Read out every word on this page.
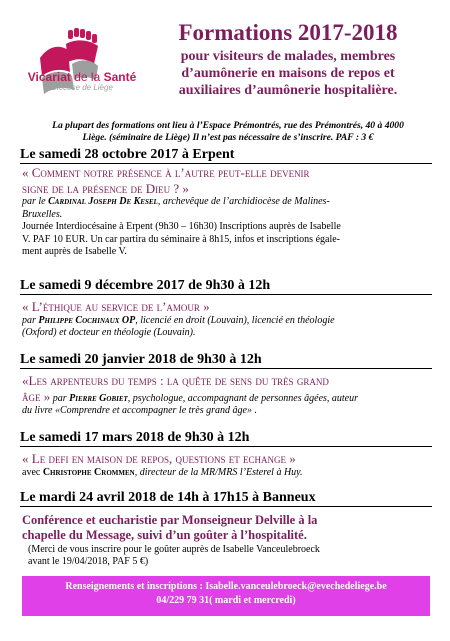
Vicariat de la Santé
Diocèse de Liège
Formations 2017-2018
pour visiteurs de malades, membres
d’aumônerie en maisons de repos et
auxiliaires d’aumônerie hospitalière.
La plupart des formations ont lieu à l’Espace Prémontrés, rue des Prémontrés, 40 à 4000
Liège. (séminaire de Liège) Il n’est pas nécessaire de s’inscrire. PAF : 3 €
Le samedi 28 octobre 2017 à Erpent
« Comment notre présence à l’autre peut-elle devenir
signe de la présence de Dieu ? »
par le Cardinal Joseph De Kesel, archevêque de l’archidiocèse de Malines-
Bruxelles.
Journée Interdiocésaine à Erpent (9h30 – 16h30) Inscriptions auprès de Isabelle
V. PAF 10 EUR. Un car partira du séminaire à 8h15, infos et inscriptions égale-
ment auprès de Isabelle V.
Le samedi 9 décembre 2017 de 9h30 à 12h
« L’éthique au service de l’amour »
par Philippe Cochinaux OP, licencié en droit (Louvain), licencié en théologie
(Oxford) et docteur en théologie (Louvain).
Le samedi 20 janvier 2018 de 9h30 à 12h
«Les arpenteurs du temps : la quête de sens du très grand
âge » par Pierre Gobiet, psychologue, accompagnant de personnes âgées, auteur
du livre «Comprendre et accompagner le très grand âge» .
Le samedi 17 mars 2018 de 9h30 à 12h
« Le defi en maison de repos, questions et echange »
avec Christophe Crommen, directeur de la MR/MRS l’Esterel à Huy.
Le mardi 24 avril 2018 de 14h à 17h15 à Banneux
Conférence et eucharistie par Monseigneur Delville à la
chapelle du Message, suivi d’un goûter à l’hospitalité.
(Merci de vous inscrire pour le goûter auprès de Isabelle Vanceulebroeck
avant le 19/04/2018, PAF 5 €)
Renseignements et inscriptions : Isabelle.vanceulebroeck@evechedeliege.be
04/229 79 31( mardi et mercredi)
